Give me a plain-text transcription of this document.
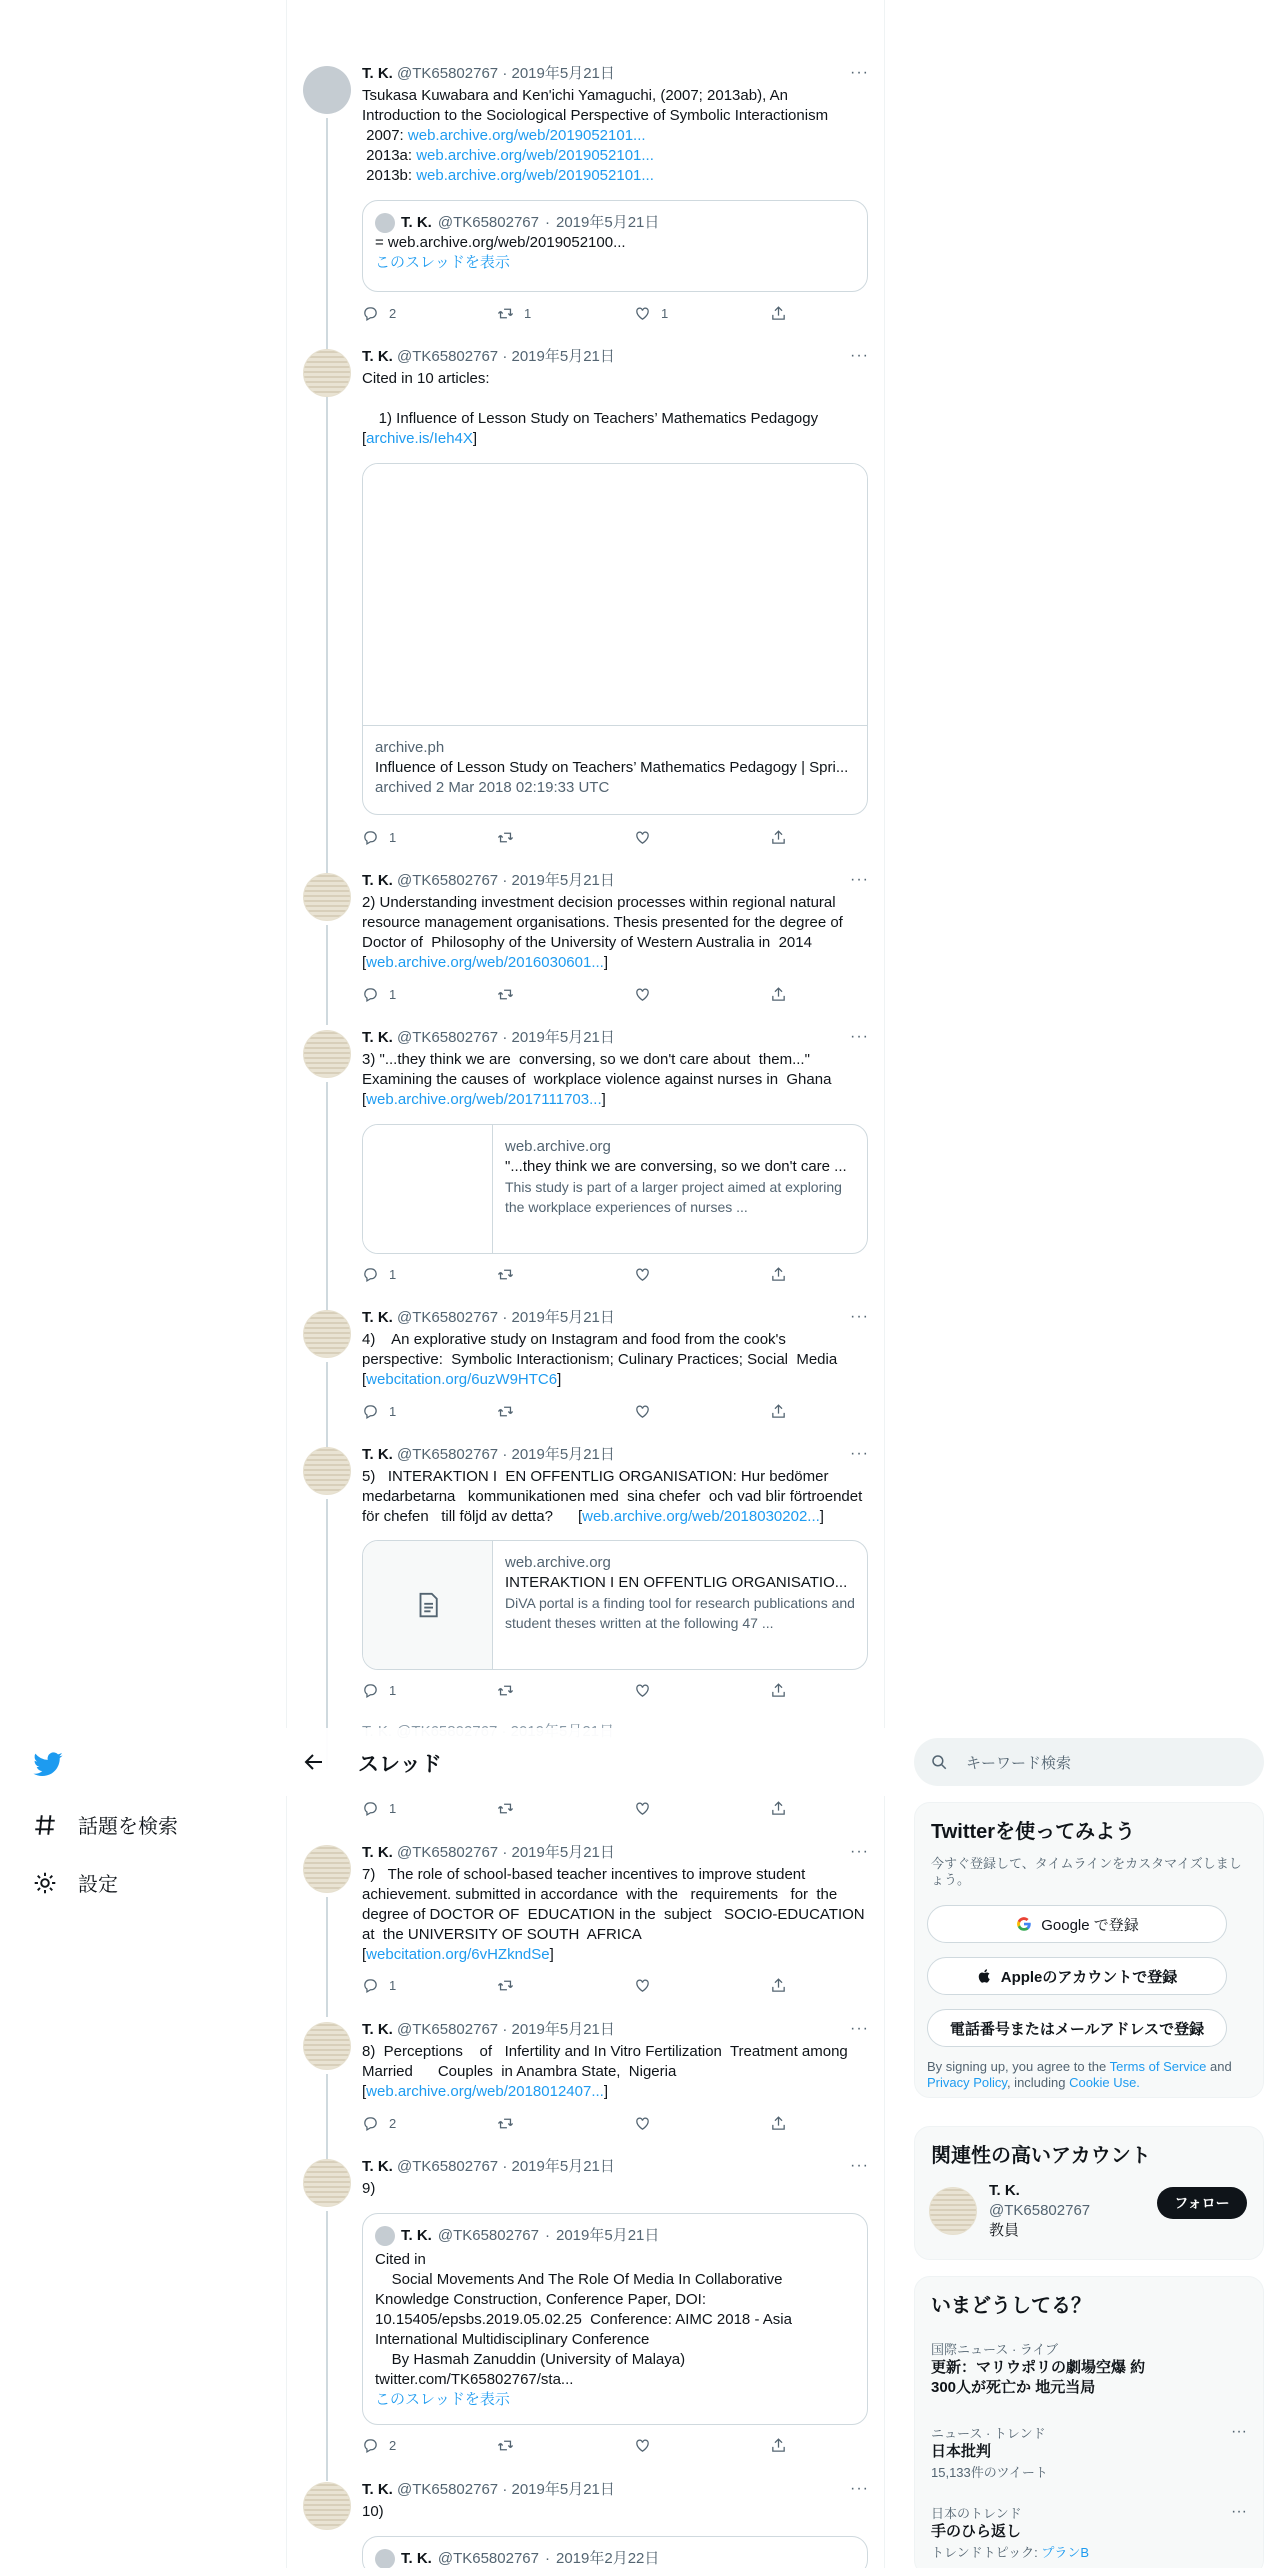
T. K. @TK65802767 · 2019年5月21日	···
Tsukasa Kuwabara and Ken'ichi Yamaguchi, (2007; 2013ab), An Introduction to the Sociological Perspective of Symbolic Interactionism
2007: web.archive.org/web/2019052101...
2013a: web.archive.org/web/2019052101...
2013b: web.archive.org/web/2019052101...
T. K. @TK65802767 · 2019年5月21日
= web.archive.org/web/2019052100...
このスレッドを表示
2	1	1
T. K. @TK65802767 · 2019年5月21日	···
Cited in 10 articles:

1) Influence of Lesson Study on Teachers’ Mathematics Pedagogy
[archive.is/Ieh4X]
archive.ph
Influence of Lesson Study on Teachers’ Mathematics Pedagogy | Spri...
archived 2 Mar 2018 02:19:33 UTC
1
T. K. @TK65802767 · 2019年5月21日	···
2) Understanding investment decision processes within regional natural resource management organisations. Thesis presented for the degree of Doctor of  Philosophy of the University of Western Australia in  2014
[web.archive.org/web/2016030601...]
1
T. K. @TK65802767 · 2019年5月21日	···
3) "...they think we are  conversing, so we don't care about  them..." Examining the causes of  workplace violence against nurses in  Ghana
[web.archive.org/web/2017111703...]
web.archive.org
"...they think we are conversing, so we don't care ...
This study is part of a larger project aimed at exploring the workplace experiences of nurses ...
1
T. K. @TK65802767 · 2019年5月21日	···
4)    An explorative study on Instagram and food from the cook's perspective:  Symbolic Interactionism; Culinary Practices; Social  Media
[webcitation.org/6uzW9HTC6]
1
T. K. @TK65802767 · 2019年5月21日	···
5)   INTERAKTION I  EN OFFENTLIG ORGANISATION: Hur bedömer medarbetarna   kommunikationen med  sina chefer  och vad blir förtroendet för chefen   till följd av detta?      [web.archive.org/web/2018030202...]
web.archive.org
INTERAKTION I EN OFFENTLIG ORGANISATIO...
DiVA portal is a finding tool for research publications and student theses written at the following 47 ...
1
スレッド
1
T. K. @TK65802767 · 2019年5月21日	···
7)   The role of school-based teacher incentives to improve student achievement. submitted in accordance  with the   requirements   for  the degree of DOCTOR OF  EDUCATION in the  subject   SOCIO-EDUCATION  at  the UNIVERSITY OF SOUTH  AFRICA
[webcitation.org/6vHZkndSe]
1
T. K. @TK65802767 · 2019年5月21日	···
8)  Perceptions    of   Infertility and In Vitro Fertilization  Treatment among Married      Couples  in Anambra State,  Nigeria
[web.archive.org/web/2018012407...]
2
T. K. @TK65802767 · 2019年5月21日	···
9)
T. K. @TK65802767 · 2019年5月21日
Cited in
Social Movements And The Role Of Media In Collaborative Knowledge Construction, Conference Paper, DOI: 10.15405/epsbs.2019.05.02.25  Conference: AIMC 2018 - Asia International Multidisciplinary Conference
By Hasmah Zanuddin (University of Malaya)
twitter.com/TK65802767/sta...
このスレッドを表示
2
T. K. @TK65802767 · 2019年5月21日	···
10)
T. K. @TK65802767 · 2019年2月22日
話題を検索
設定
キーワード検索
Twitterを使ってみよう
今すぐ登録して、タイムラインをカスタマイズしましょう。
Google で登録
Appleのアカウントで登録
電話番号またはメールアドレスで登録
By signing up, you agree to the Terms of Service and Privacy Policy, including Cookie Use.
関連性の高いアカウント
T. K.
@TK65802767
教員
フォロー
いまどうしてる？
国際ニュース · ライブ
更新：マリウポリの劇場空爆 約300人が死亡か 地元当局
ニュース · トレンド
日本批判
15,133件のツイート
···
日本のトレンド
手のひら返し
トレンドトピック: プランB
···
